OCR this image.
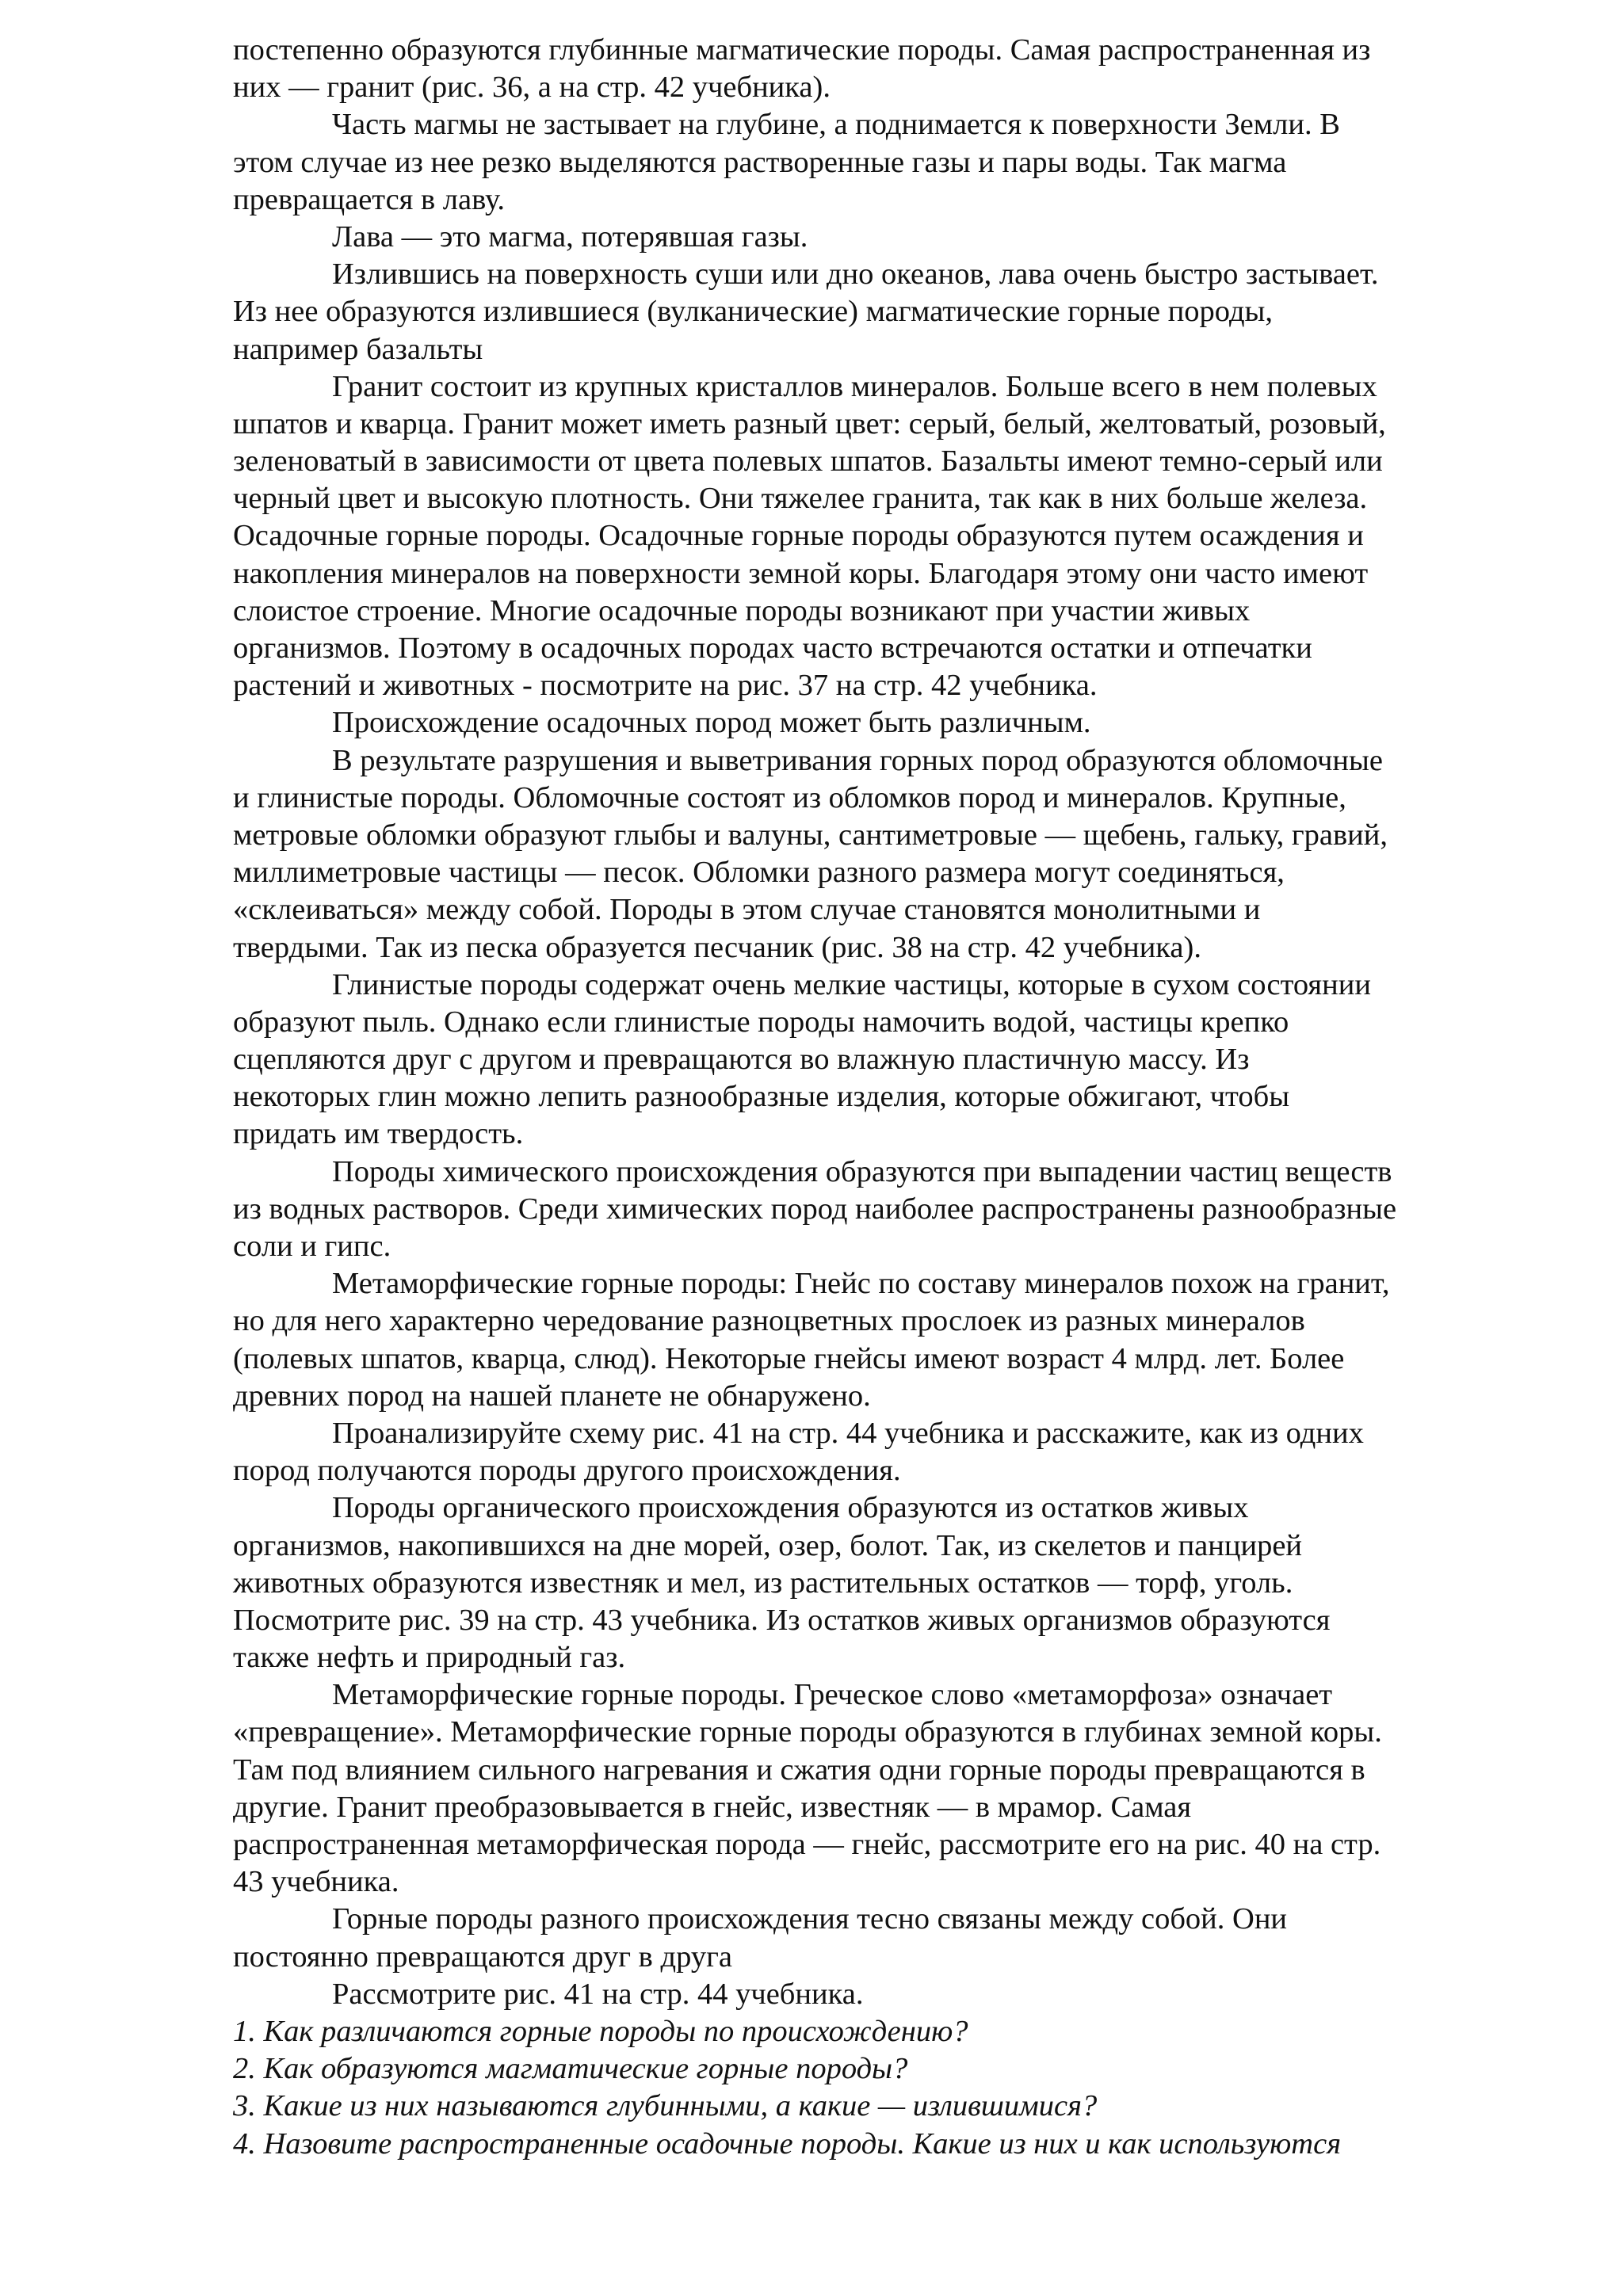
постепенно образуются глубинные магматические породы. Самая распространенная из
них — гранит (рис. 36, а на стр. 42 учебника).
Часть магмы не застывает на глубине, а поднимается к поверхности Земли. В
этом случае из нее резко выделяются растворенные газы и пары воды. Так магма
превращается в лаву.
Лава — это магма, потерявшая газы.
Излившись на поверхность суши или дно океанов, лава очень быстро застывает.
Из нее образуются излившиеся (вулканические) магматические горные породы,
например базальты
Гранит состоит из крупных кристаллов минералов. Больше всего в нем полевых
шпатов и кварца. Гранит может иметь разный цвет: серый, белый, желтоватый, розовый,
зеленоватый в зависимости от цвета полевых шпатов. Базальты имеют темно-серый или
черный цвет и высокую плотность. Они тяжелее гранита, так как в них больше железа.
Осадочные горные породы. Осадочные горные породы образуются путем осаждения и
накопления минералов на поверхности земной коры. Благодаря этому они часто имеют
слоистое строение. Многие осадочные породы возникают при участии живых
организмов. Поэтому в осадочных породах часто встречаются остатки и отпечатки
растений и животных - посмотрите на рис. 37 на стр. 42 учебника.
Происхождение осадочных пород может быть различным.
В результате разрушения и выветривания горных пород образуются обломочные
и глинистые породы. Обломочные состоят из обломков пород и минералов. Крупные,
метровые обломки образуют глыбы и валуны, сантиметровые — щебень, гальку, гравий,
миллиметровые частицы — песок. Обломки разного размера могут соединяться,
«склеиваться» между собой. Породы в этом случае становятся монолитными и
твердыми. Так из песка образуется песчаник (рис. 38 на стр. 42 учебника).
Глинистые породы содержат очень мелкие частицы, которые в сухом состоянии
образуют пыль. Однако если глинистые породы намочить водой, частицы крепко
сцепляются друг с другом и превращаются во влажную пластичную массу. Из
некоторых глин можно лепить разнообразные изделия, которые обжигают, чтобы
придать им твердость.
Породы химического происхождения образуются при выпадении частиц веществ
из водных растворов. Среди химических пород наиболее распространены разнообразные
соли и гипс.
Метаморфические горные породы: Гнейс по составу минералов похож на гранит,
но для него характерно чередование разноцветных прослоек из разных минералов
(полевых шпатов, кварца, слюд). Некоторые гнейсы имеют возраст 4 млрд. лет. Более
древних пород на нашей планете не обнаружено.
Проанализируйте схему рис. 41 на стр. 44 учебника и расскажите, как из одних
пород получаются породы другого происхождения.
Породы органического происхождения образуются из остатков живых
организмов, накопившихся на дне морей, озер, болот. Так, из скелетов и панцирей
животных образуются известняк и мел, из растительных остатков — торф, уголь.
Посмотрите рис. 39 на стр. 43 учебника. Из остатков живых организмов образуются
также нефть и природный газ.
Метаморфические горные породы. Греческое слово «метаморфоза» означает
«превращение». Метаморфические горные породы образуются в глубинах земной коры.
Там под влиянием сильного нагревания и сжатия одни горные породы превращаются в
другие. Гранит преобразовывается в гнейс, известняк — в мрамор. Самая
распространенная метаморфическая порода — гнейс, рассмотрите его на рис. 40 на стр.
43 учебника.
Горные породы разного происхождения тесно связаны между собой. Они
постоянно превращаются друг в друга
Рассмотрите рис. 41 на стр. 44 учебника.
1. Как различаются горные породы по происхождению?
2. Как образуются магматические горные породы?
3. Какие из них называются глубинными, а какие — излившимися?
4. Назовите распространенные осадочные породы. Какие из них и как используются
